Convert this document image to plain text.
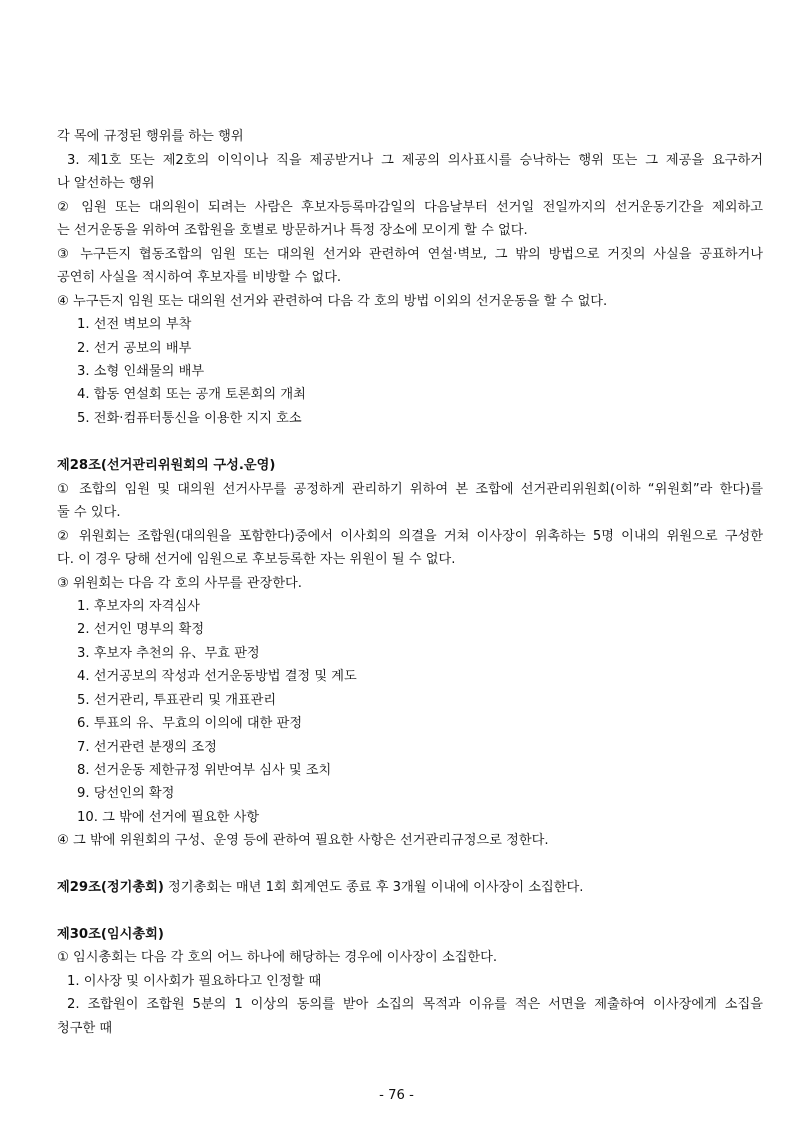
각 목에 규정된 행위를 하는 행위
3. 제1호 또는 제2호의 이익이나 직을 제공받거나 그 제공의 의사표시를 승낙하는 행위 또는 그 제공을 요구하거
나 알선하는 행위
② 임원 또는 대의원이 되려는 사람은 후보자등록마감일의 다음날부터 선거일 전일까지의 선거운동기간을 제외하고
는 선거운동을 위하여 조합원을 호별로 방문하거나 특정 장소에 모이게 할 수 없다.
③ 누구든지 협동조합의 임원 또는 대의원 선거와 관련하여 연설·벽보, 그 밖의 방법으로 거짓의 사실을 공표하거나
공연히 사실을 적시하여 후보자를 비방할 수 없다.
④ 누구든지 임원 또는 대의원 선거와 관련하여 다음 각 호의 방법 이외의 선거운동을 할 수 없다.
1. 선전 벽보의 부착
2. 선거 공보의 배부
3. 소형 인쇄물의 배부
4. 합동 연설회 또는 공개 토론회의 개최
5. 전화·컴퓨터통신을 이용한 지지 호소
제28조(선거관리위원회의 구성.운영)
① 조합의 임원 및 대의원 선거사무를 공정하게 관리하기 위하여 본 조합에 선거관리위원회(이하 “위원회”라 한다)를
둘 수 있다.
② 위원회는 조합원(대의원을 포함한다)중에서 이사회의 의결을 거쳐 이사장이 위촉하는 5명 이내의 위원으로 구성한
다. 이 경우 당해 선거에 임원으로 후보등록한 자는 위원이 될 수 없다.
③ 위원회는 다음 각 호의 사무를 관장한다.
1. 후보자의 자격심사
2. 선거인 명부의 확정
3. 후보자 추천의 유、무효 판정
4. 선거공보의 작성과 선거운동방법 결정 및 계도
5. 선거관리, 투표관리 및 개표관리
6. 투표의 유、무효의 이의에 대한 판정
7. 선거관련 분쟁의 조정
8. 선거운동 제한규정 위반여부 심사 및 조치
9. 당선인의 확정
10. 그 밖에 선거에 필요한 사항
④ 그 밖에 위원회의 구성、운영 등에 관하여 필요한 사항은 선거관리규정으로 정한다.
제29조(정기총회) 정기총회는 매년 1회 회계연도 종료 후 3개월 이내에 이사장이 소집한다.
제30조(임시총회)
① 임시총회는 다음 각 호의 어느 하나에 해당하는 경우에 이사장이 소집한다.
1. 이사장 및 이사회가 필요하다고 인정할 때
2. 조합원이 조합원 5분의 1 이상의 동의를 받아 소집의 목적과 이유를 적은 서면을 제출하여 이사장에게 소집을
청구한 때
- 76 -
